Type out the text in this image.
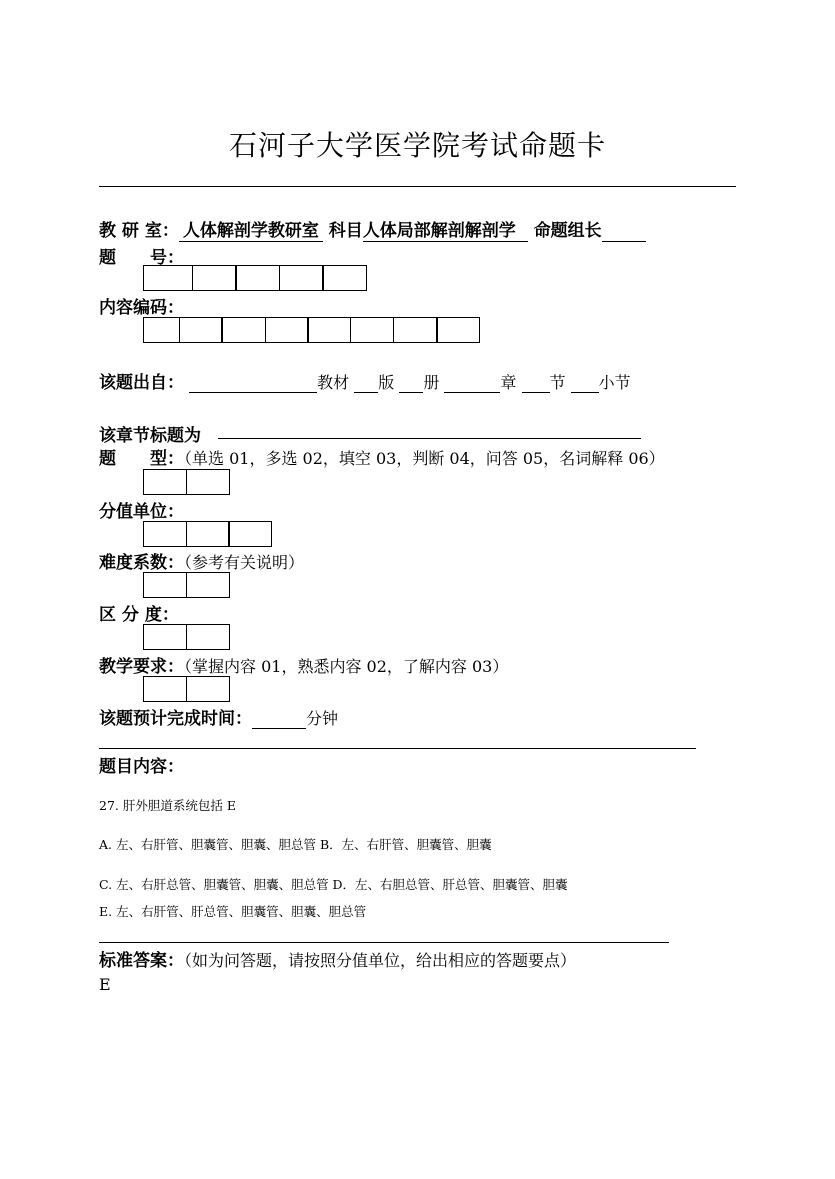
石河子大学医学院考试命题卡
教 研 室： 人体解剖学教研室 科目人体局部解剖解剖学 命题组长
题　　号：
内容编码：
该题出自：	教材 版 册	章 节 小节
该章节标题为
题　　型：（单选 01，多选 02，填空 03，判断 04，问答 05，名词解释 06）
分值单位：
难度系数：（参考有关说明）
区 分 度：
教学要求：（掌握内容 01，熟悉内容 02，了解内容 03）
该题预计完成时间：	分钟
题目内容：
27. 肝外胆道系统包括 E
A. 左、右肝管、胆囊管、胆囊、胆总管 B．左、右肝管、胆囊管、胆囊
C. 左、右肝总管、胆囊管、胆囊、胆总管 D．左、右胆总管、肝总管、胆囊管、胆囊
E. 左、右肝管、肝总管、胆囊管、胆囊、胆总管
标准答案：（如为问答题，请按照分值单位，给出相应的答题要点）
E
